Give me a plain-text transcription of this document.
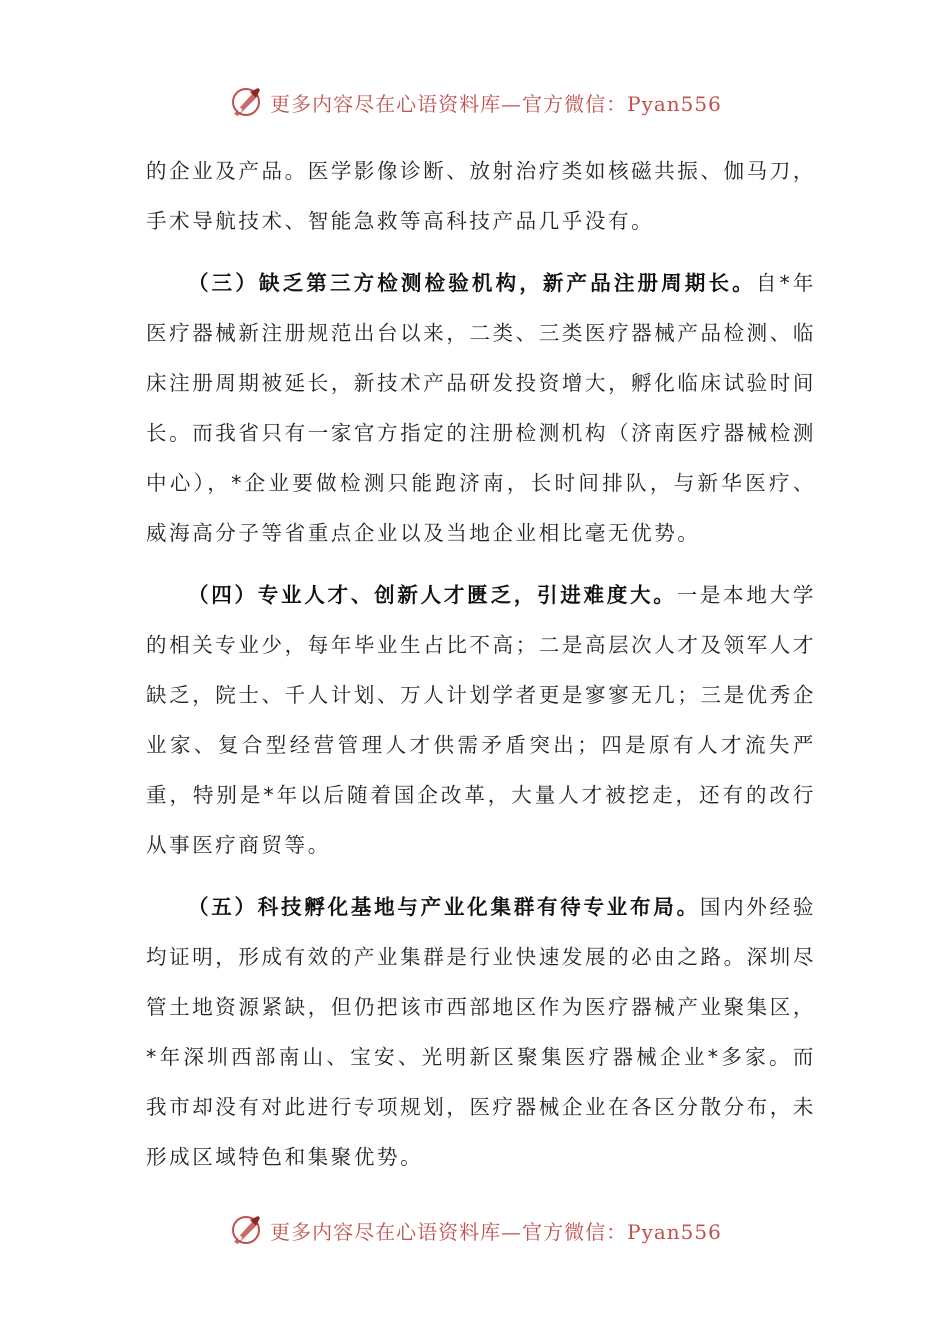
更多内容尽在心语资料库—官方微信：Pyan556

的企业及产品。医学影像诊断、放射治疗类如核磁共振、伽马刀，手术导航技术、智能急救等高科技产品几乎没有。

（三）缺乏第三方检测检验机构，新产品注册周期长。自*年医疗器械新注册规范出台以来，二类、三类医疗器械产品检测、临床注册周期被延长，新技术产品研发投资增大，孵化临床试验时间长。而我省只有一家官方指定的注册检测机构（济南医疗器械检测中心），*企业要做检测只能跑济南，长时间排队，与新华医疗、威海高分子等省重点企业以及当地企业相比毫无优势。

（四）专业人才、创新人才匮乏，引进难度大。一是本地大学的相关专业少，每年毕业生占比不高；二是高层次人才及领军人才缺乏，院士、千人计划、万人计划学者更是寥寥无几；三是优秀企业家、复合型经营管理人才供需矛盾突出；四是原有人才流失严重，特别是*年以后随着国企改革，大量人才被挖走，还有的改行从事医疗商贸等。

（五）科技孵化基地与产业化集群有待专业布局。国内外经验均证明，形成有效的产业集群是行业快速发展的必由之路。深圳尽管土地资源紧缺，但仍把该市西部地区作为医疗器械产业聚集区，*年深圳西部南山、宝安、光明新区聚集医疗器械企业*多家。而我市却没有对此进行专项规划，医疗器械企业在各区分散分布，未形成区域特色和集聚优势。

更多内容尽在心语资料库—官方微信：Pyan556
